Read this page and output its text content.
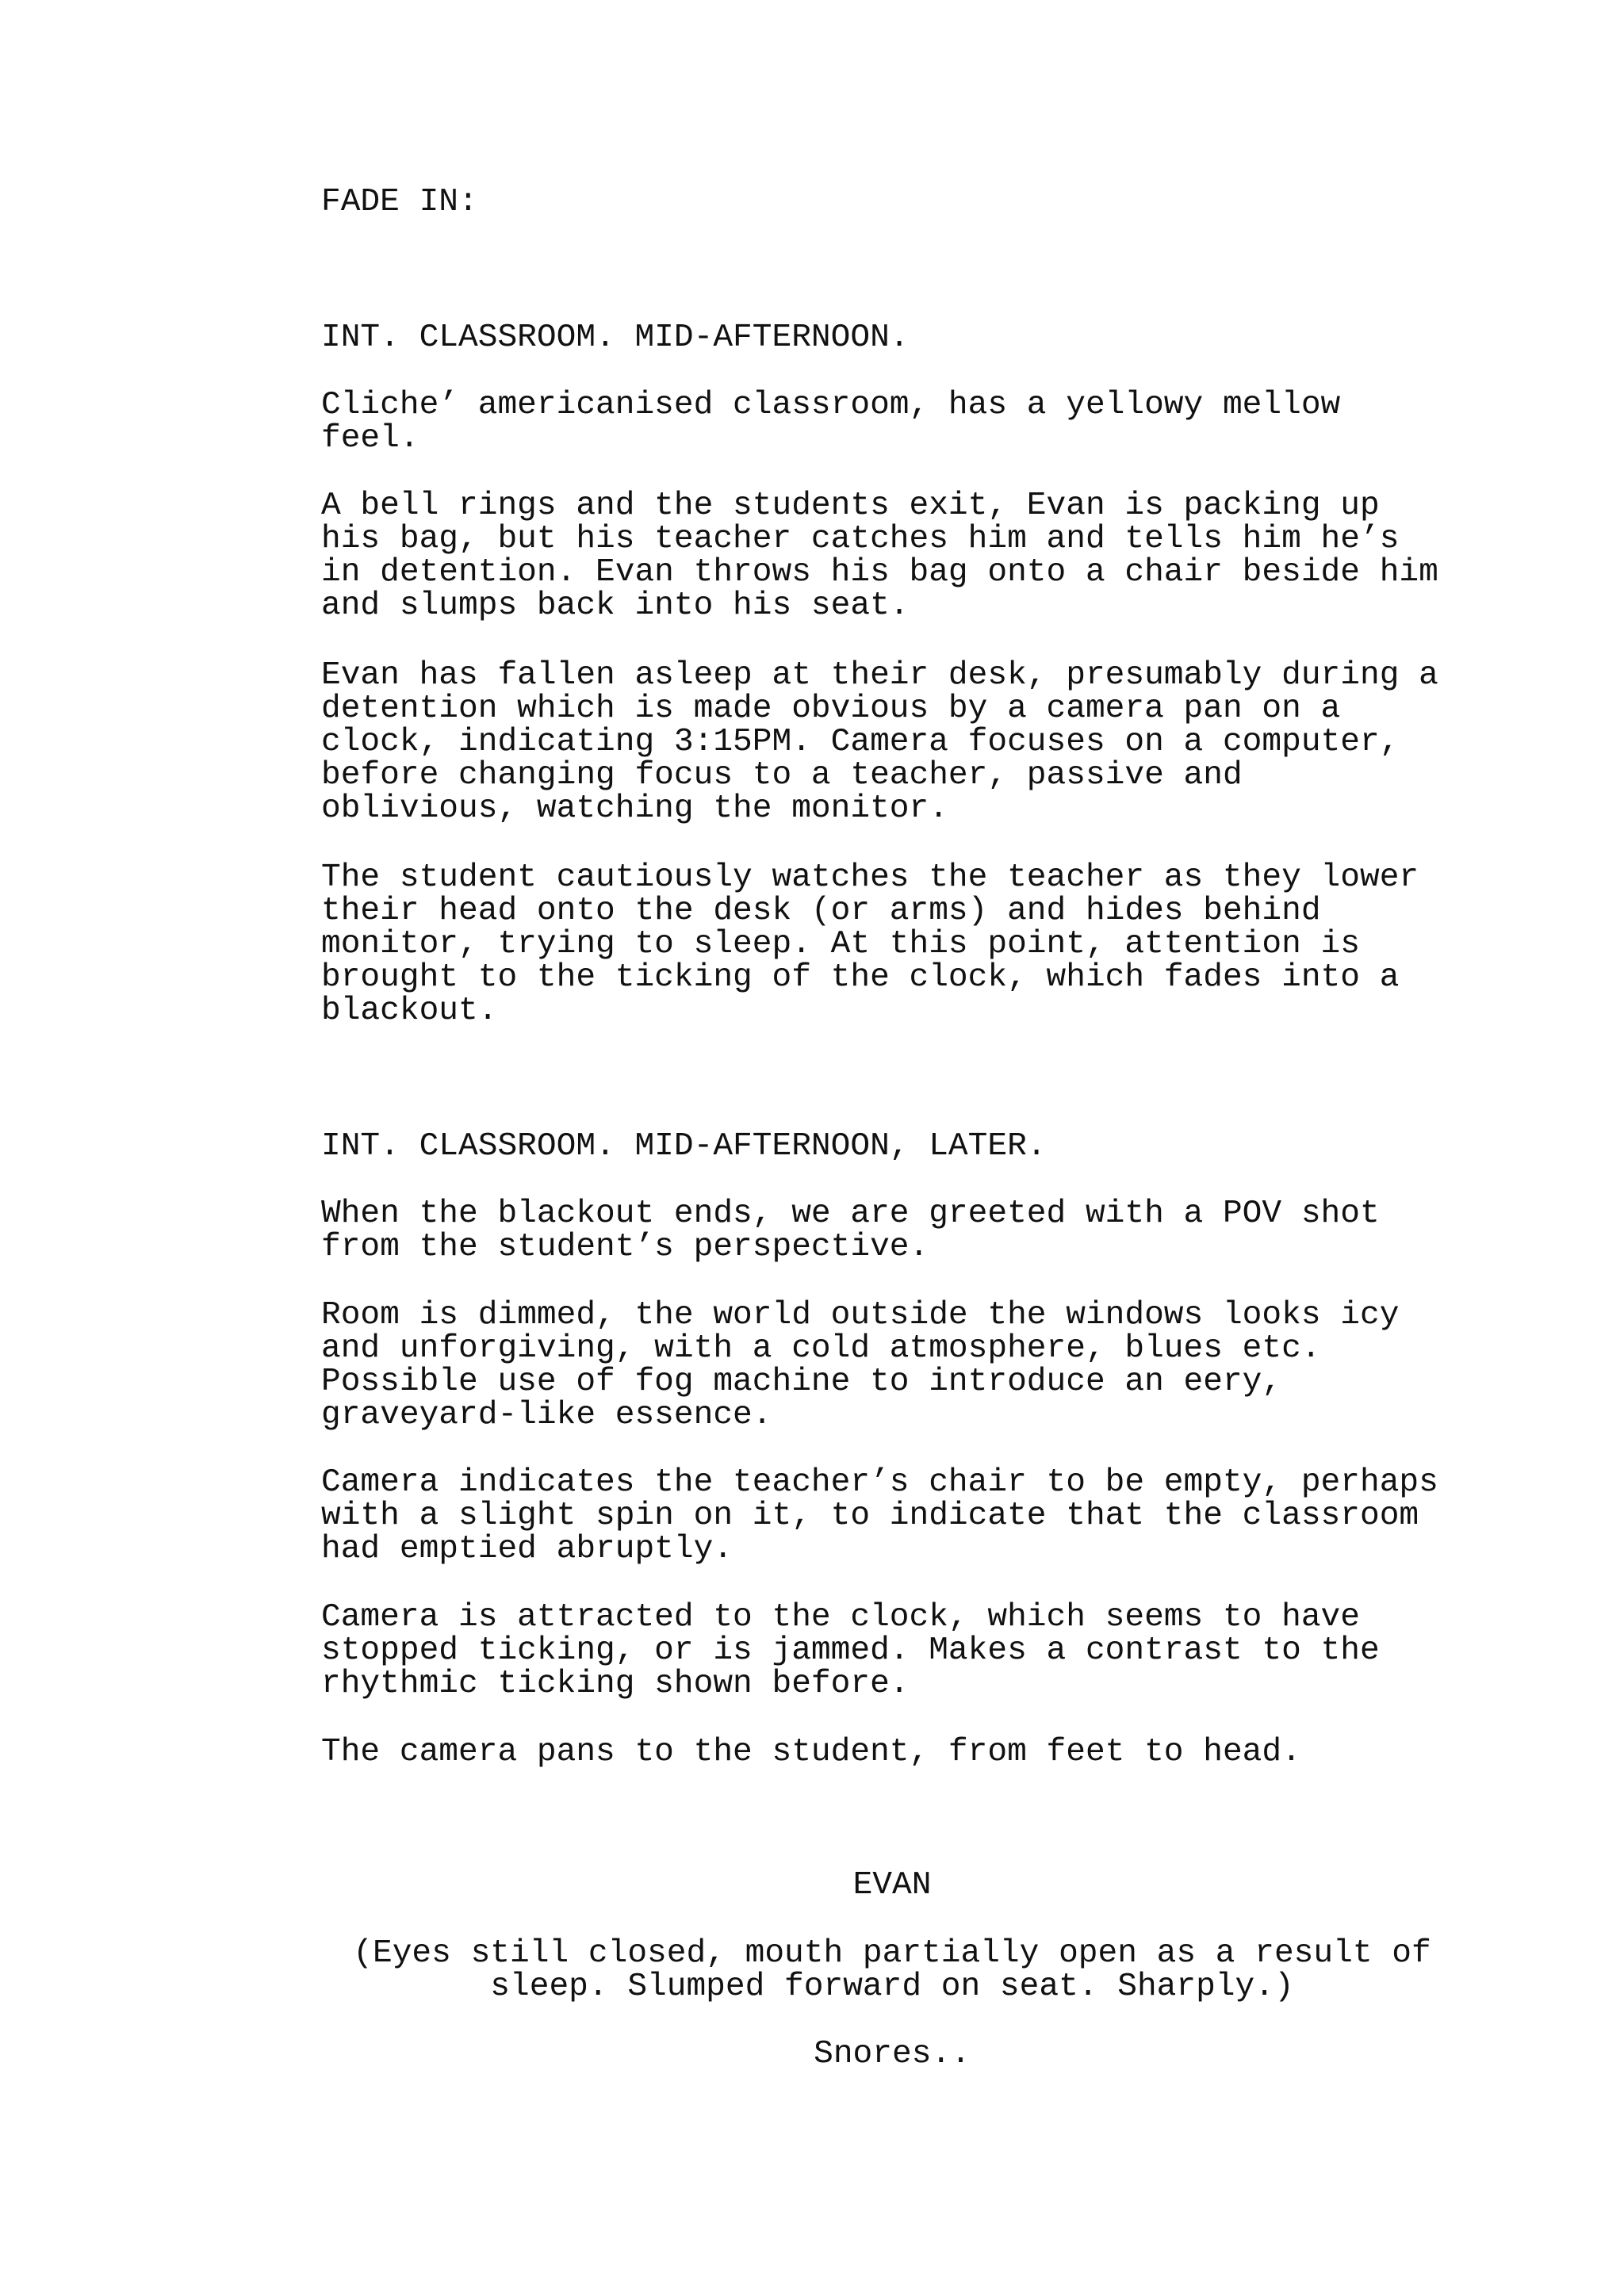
FADE IN:
INT. CLASSROOM. MID-AFTERNOON.
Cliche’ americanised classroom, has a yellowy mellow
feel.
A bell rings and the students exit, Evan is packing up
his bag, but his teacher catches him and tells him he’s
in detention. Evan throws his bag onto a chair beside him
and slumps back into his seat.
Evan has fallen asleep at their desk, presumably during a
detention which is made obvious by a camera pan on a
clock, indicating 3:15PM. Camera focuses on a computer,
before changing focus to a teacher, passive and
oblivious, watching the monitor.
The student cautiously watches the teacher as they lower
their head onto the desk (or arms) and hides behind
monitor, trying to sleep. At this point, attention is
brought to the ticking of the clock, which fades into a
blackout.
INT. CLASSROOM. MID-AFTERNOON, LATER.
When the blackout ends, we are greeted with a POV shot
from the student’s perspective.
Room is dimmed, the world outside the windows looks icy
and unforgiving, with a cold atmosphere, blues etc.
Possible use of fog machine to introduce an eery,
graveyard-like essence.
Camera indicates the teacher’s chair to be empty, perhaps
with a slight spin on it, to indicate that the classroom
had emptied abruptly.
Camera is attracted to the clock, which seems to have
stopped ticking, or is jammed. Makes a contrast to the
rhythmic ticking shown before.
The camera pans to the student, from feet to head.
EVAN
(Eyes still closed, mouth partially open as a result of
sleep. Slumped forward on seat. Sharply.)
Snores..
